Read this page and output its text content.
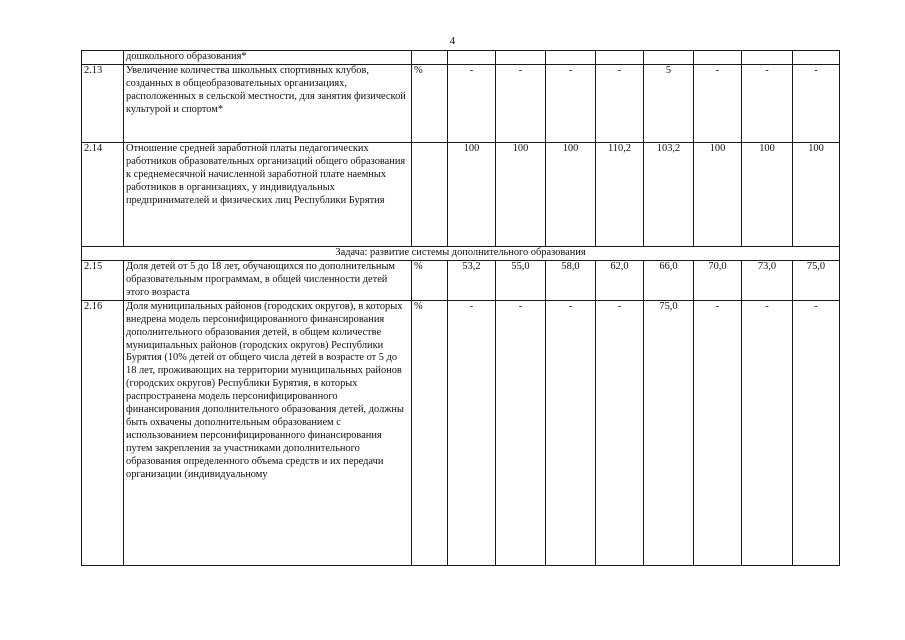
4
	дошкольного образования*									
2.13	Увеличение количества школьных спортивных клубов, созданных в общеобразовательных организациях, расположенных в сельской местности, для занятия физической культурой и спортом*	%	-	-	-	-	5	-	-	-
2.14	Отношение средней заработной платы педагогических работников образовательных организаций общего образования к среднемесячной начисленной заработной плате наемных работников в организациях, у индивидуальных предпринимателей и физических лиц Республики Бурятия		100	100	100	110,2	103,2	100	100	100
Задача: развитие системы дополнительного образования										
2.15	Доля детей от 5 до 18 лет, обучающихся по дополнительным образовательным программам, в общей численности детей этого возраста	%	53,2	55,0	58,0	62,0	66,0	70,0	73,0	75,0
2.16	Доля муниципальных районов (городских округов), в которых внедрена модель персонифицированного финансирования дополнительного образования детей, в общем количестве муниципальных районов (городских округов) Республики Бурятия (10% детей от общего числа детей в возрасте от 5 до 18 лет, проживающих на территории муниципальных районов (городских округов) Республики Бурятия, в которых распространена модель персонифицированного финансирования дополнительного образования детей, должны быть охвачены дополнительным образованием с использованием персонифицированного финансирования путем закрепления за участниками дополнительного образования определенного объема средств и их передачи организации (индивидуальному	%	-	-	-	-	75,0	-	-	-
